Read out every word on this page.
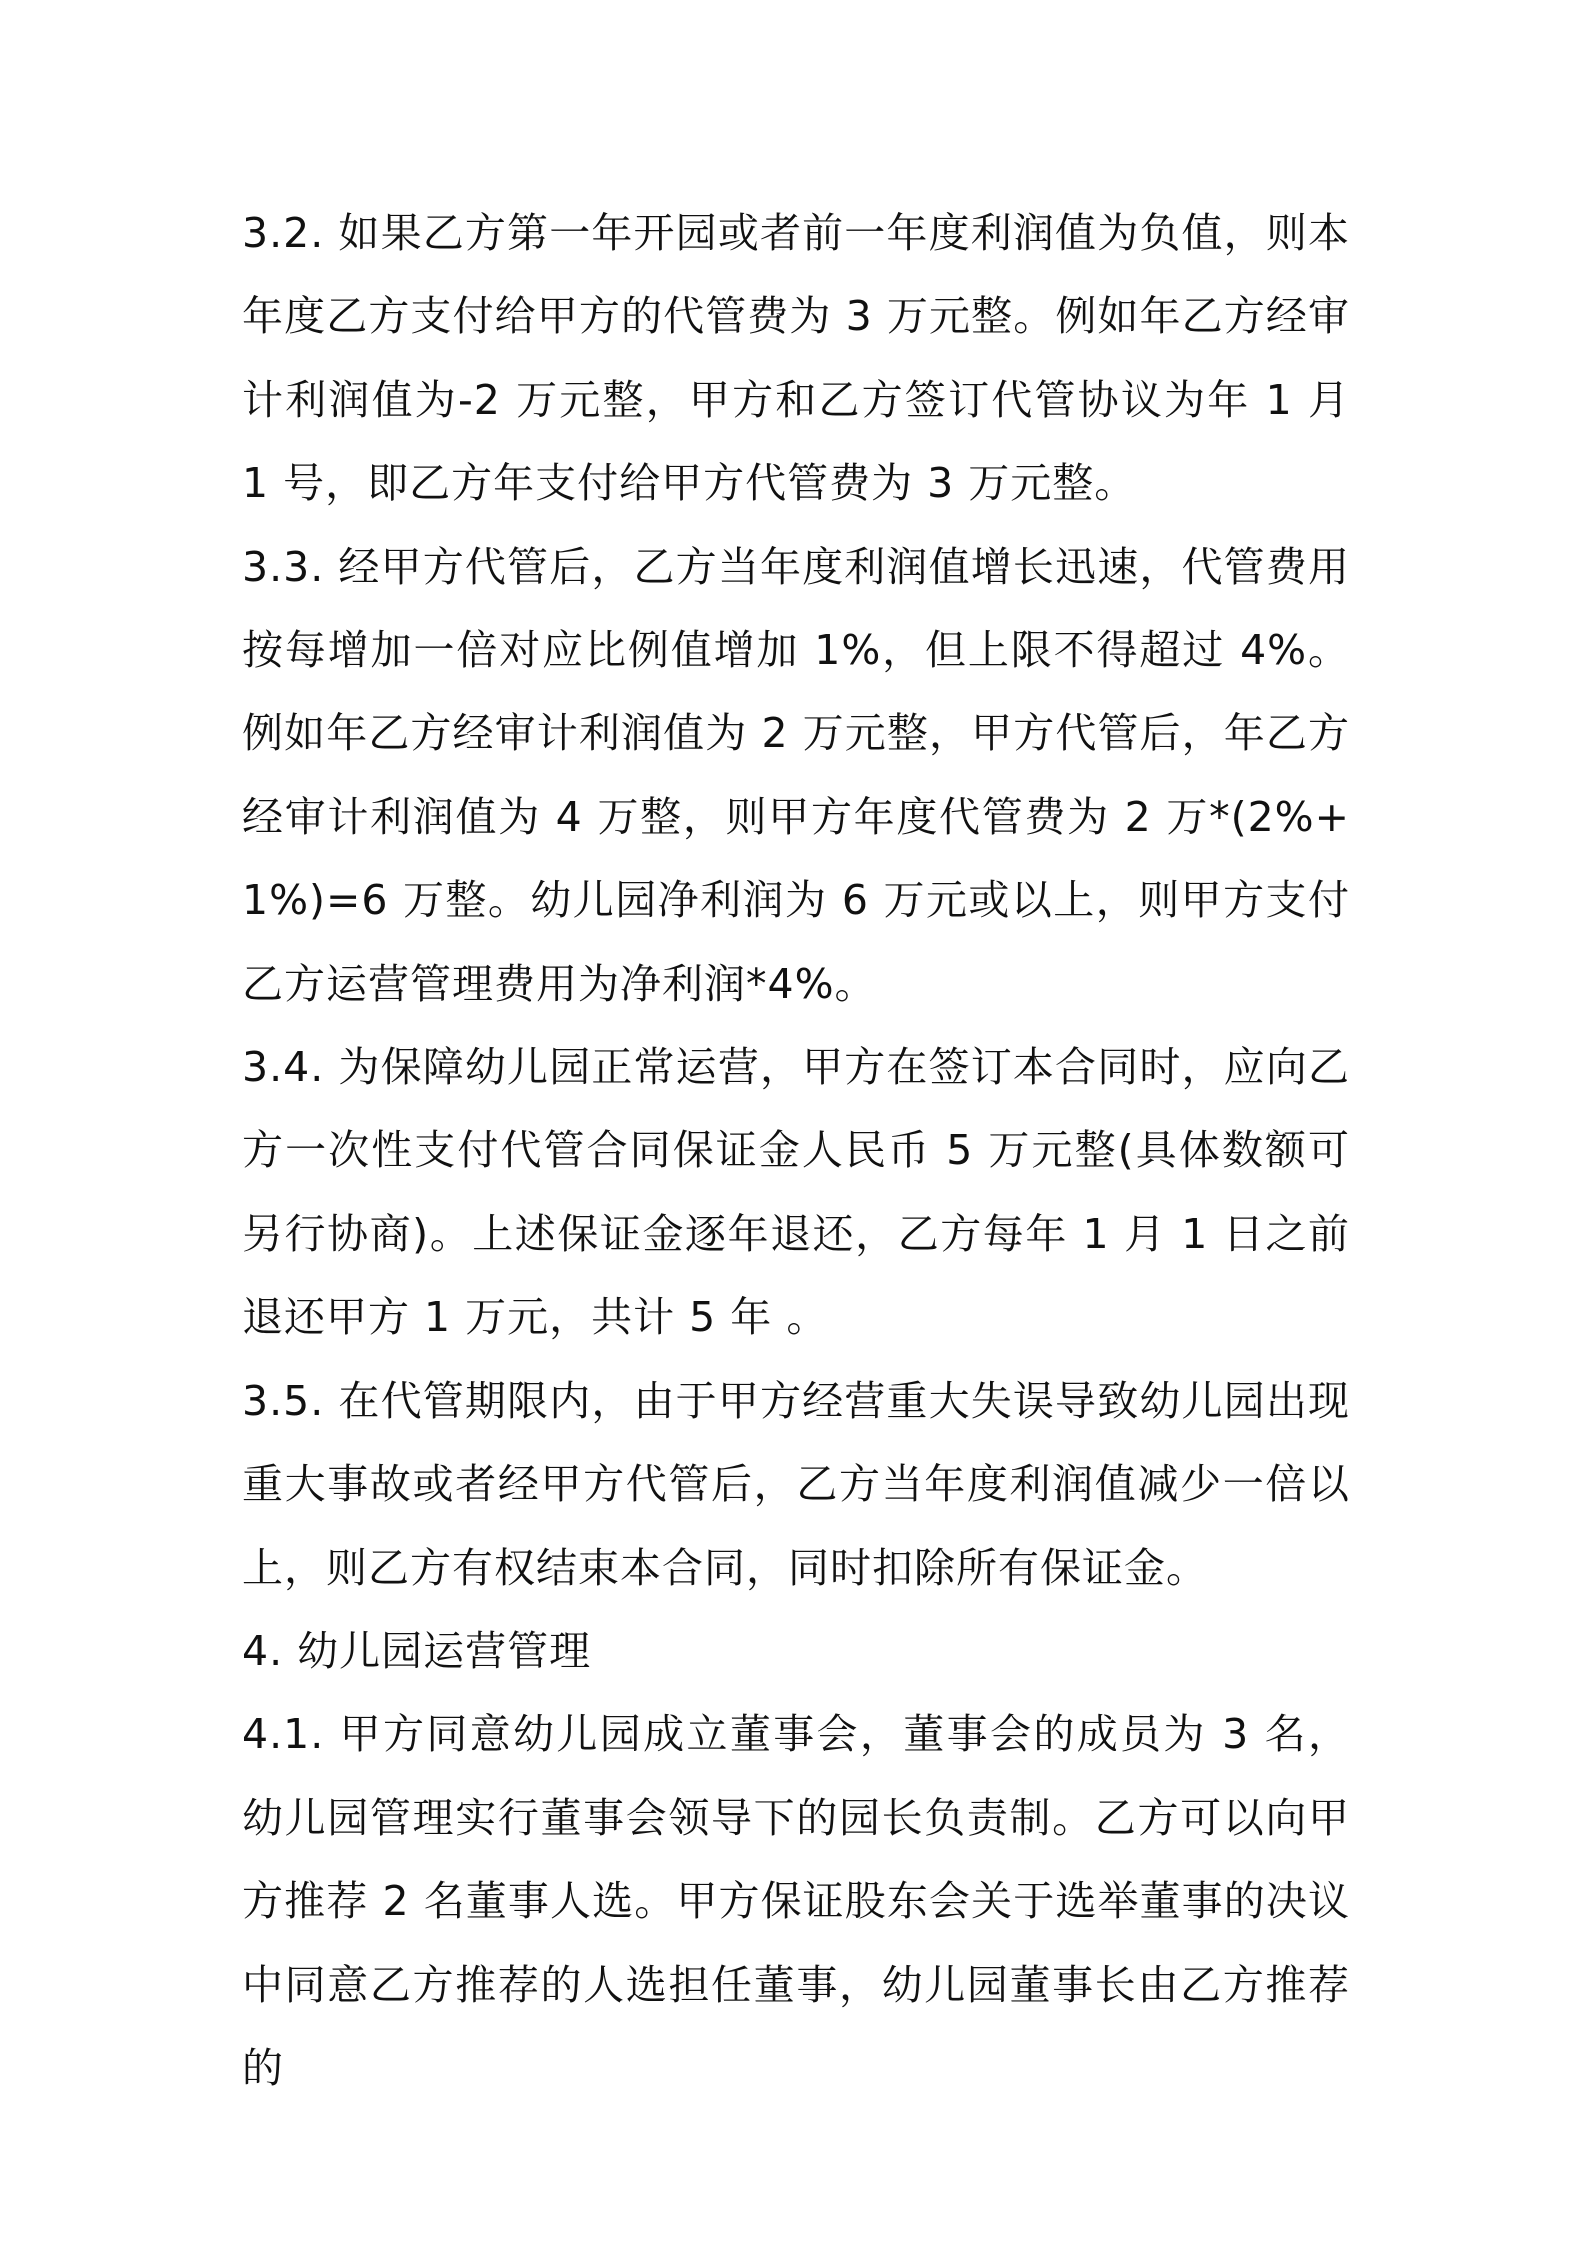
3.2. 如果乙方第一年开园或者前一年度利润值为负值，则本年度乙方支付给甲方的代管费为 3 万元整。例如年乙方经审计利润值为-2 万元整，甲方和乙方签订代管协议为年 1 月 1 号，即乙方年支付给甲方代管费为 3 万元整。

3.3. 经甲方代管后，乙方当年度利润值增长迅速，代管费用按每增加一倍对应比例值增加 1%，但上限不得超过 4%。例如年乙方经审计利润值为 2 万元整，甲方代管后，年乙方经审计利润值为 4 万整，则甲方年度代管费为 2 万*(2%+1%)=6 万整。幼儿园净利润为 6 万元或以上，则甲方支付乙方运营管理费用为净利润*4%。

3.4. 为保障幼儿园正常运营，甲方在签订本合同时，应向乙方一次性支付代管合同保证金人民币 5 万元整(具体数额可另行协商)。上述保证金逐年退还，乙方每年 1 月 1 日之前退还甲方 1 万元，共计 5 年 。

3.5. 在代管期限内，由于甲方经营重大失误导致幼儿园出现重大事故或者经甲方代管后，乙方当年度利润值减少一倍以上，则乙方有权结束本合同，同时扣除所有保证金。

4. 幼儿园运营管理

4.1. 甲方同意幼儿园成立董事会，董事会的成员为 3 名，幼儿园管理实行董事会领导下的园长负责制。乙方可以向甲方推荐 2 名董事人选。甲方保证股东会关于选举董事的决议中同意乙方推荐的人选担任董事，幼儿园董事长由乙方推荐的
